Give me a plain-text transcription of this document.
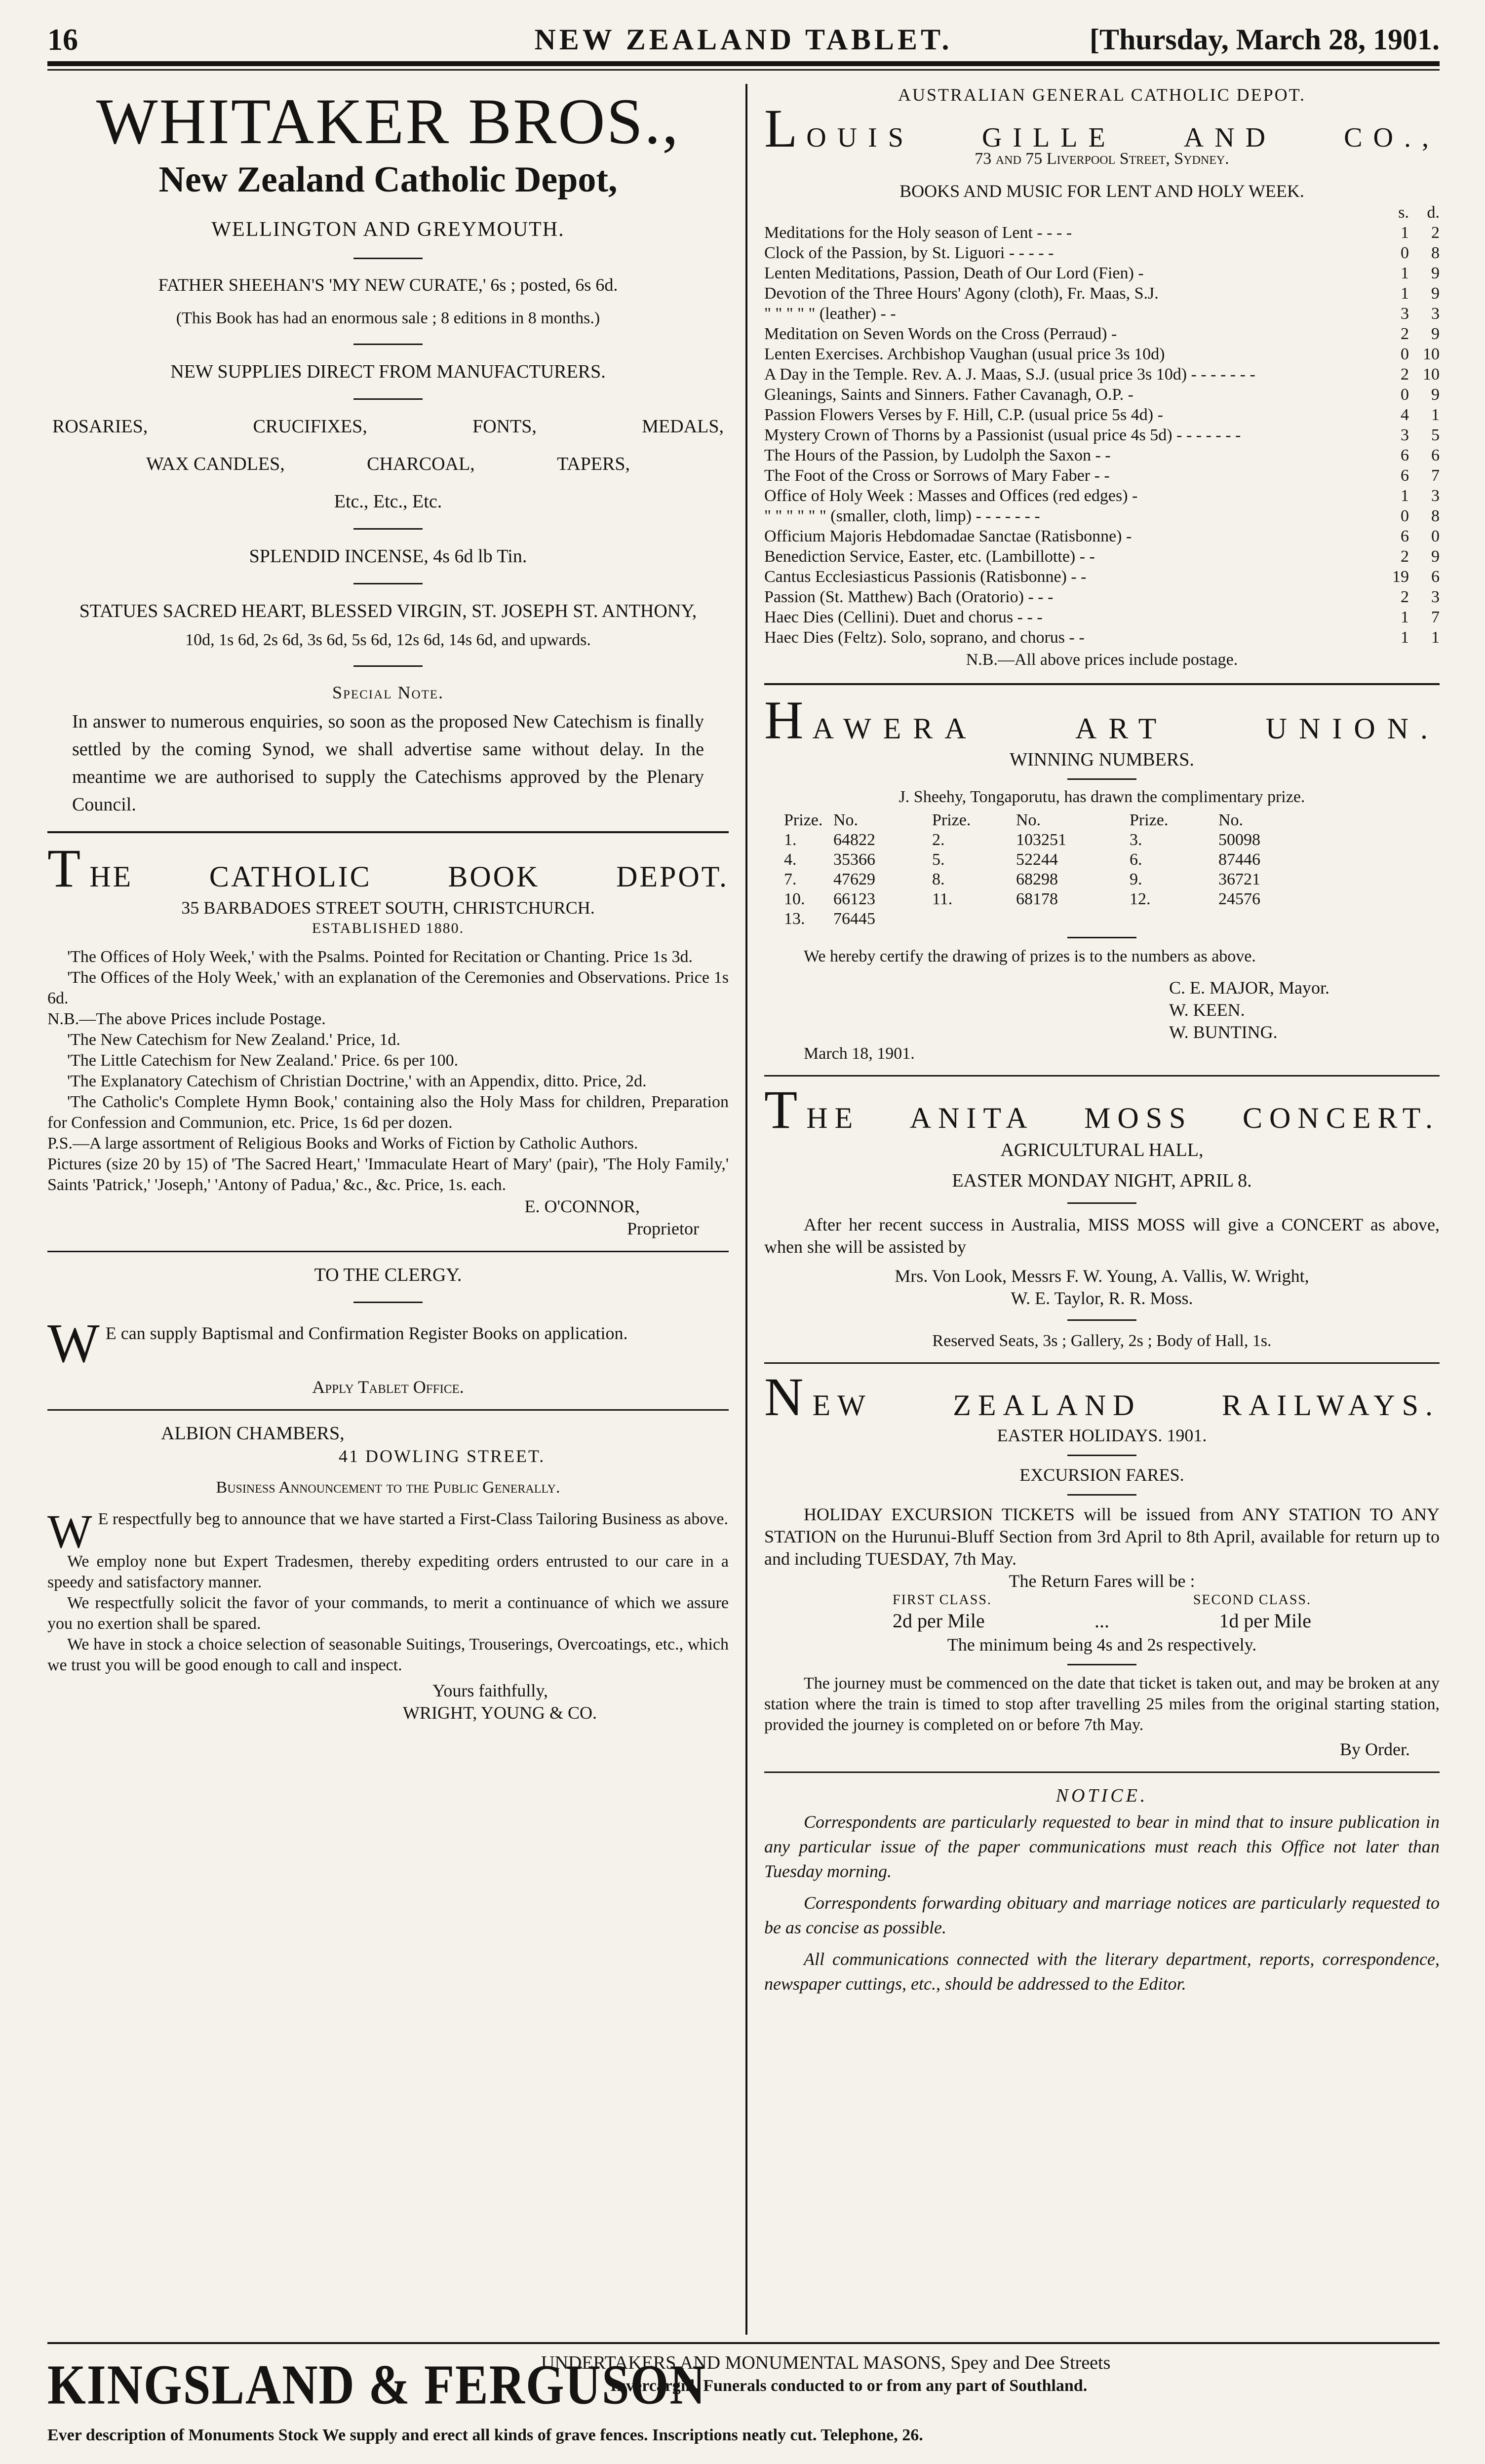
16	NEW ZEALAND TABLET.	[Thursday, March 28, 1901.
WHITAKER BROS.,
New Zealand Catholic Depot,
WELLINGTON AND GREYMOUTH.
FATHER SHEEHAN'S 'MY NEW CURATE,' 6s ; posted, 6s 6d.
(This Book has had an enormous sale ; 8 editions in 8 months.)
NEW SUPPLIES DIRECT FROM MANUFACTURERS.
ROSARIES,	CRUCIFIXES,	FONTS,	MEDALS,
WAX CANDLES,	CHARCOAL,	TAPERS,
Etc., Etc., Etc.
SPLENDID INCENSE, 4s 6d lb Tin.
STATUES SACRED HEART, BLESSED VIRGIN, ST. JOSEPH ST. ANTHONY,
10d, 1s 6d, 2s 6d, 3s 6d, 5s 6d, 12s 6d, 14s 6d, and upwards.
Special Note.
In answer to numerous enquiries, so soon as the proposed New Catechism is finally settled by the coming Synod, we shall advertise same without delay. In the meantime we are authorised to supply the Catechisms approved by the Plenary Council.
T HE	CATHOLIC	BOOK	DEPOT.
35 BARBADOES STREET SOUTH, CHRISTCHURCH.
ESTABLISHED 1880.

'The Offices of Holy Week,' with the Psalms. Pointed for Recitation or Chanting. Price 1s 3d.

'The Offices of the Holy Week,' with an explanation of the Ceremonies and Observations. Price 1s 6d.

N.B.—The above Prices include Postage.

'The New Catechism for New Zealand.' Price, 1d.

'The Little Catechism for New Zealand.' Price. 6s per 100.

'The Explanatory Catechism of Christian Doctrine,' with an Appendix, ditto. Price, 2d.

'The Catholic's Complete Hymn Book,' containing also the Holy Mass for children, Preparation for Confession and Communion, etc. Price, 1s 6d per dozen.

P.S.—A large assortment of Religious Books and Works of Fiction by Catholic Authors.

Pictures (size 20 by 15) of 'The Sacred Heart,' 'Immaculate Heart of Mary' (pair), 'The Holy Family,' Saints 'Patrick,' 'Joseph,' 'Antony of Padua,' &c., &c. Price, 1s. each.

E. O'CONNOR,
Proprietor
TO THE CLERGY.
W E can supply Baptismal and Confirmation Register Books on application.
Apply Tablet Office.
ALBION CHAMBERS,
41 DOWLING STREET.
Business Announcement to the Public Generally.
W E respectfully beg to announce that we have started a First-Class Tailoring Business as above.

We employ none but Expert Tradesmen, thereby expediting orders entrusted to our care in a speedy and satisfactory manner.

We respectfully solicit the favor of your commands, to merit a continuance of which we assure you no exertion shall be spared.

We have in stock a choice selection of seasonable Suitings, Trouserings, Overcoatings, etc., which we trust you will be good enough to call and inspect.

Yours faithfully,
WRIGHT, YOUNG & CO.
AUSTRALIAN GENERAL CATHOLIC DEPOT.
L OUIS GILLE AND CO.,
73 and 75 Liverpool Street, Sydney.
BOOKS AND MUSIC FOR LENT AND HOLY WEEK.
s.	d.
Meditations for the Holy season of Lent - - - -	1	2
Clock of the Passion, by St. Liguori - - - - -	0	8
Lenten Meditations, Passion, Death of Our Lord (Fien) -	1	9
Devotion of the Three Hours' Agony (cloth), Fr. Maas, S.J.	1	9
" " " " " (leather) - -	3	3
Meditation on Seven Words on the Cross (Perraud) -	2	9
Lenten Exercises. Archbishop Vaughan (usual price 3s 10d)	0 10
A Day in the Temple. Rev. A. J. Maas, S.J. (usual price 3s 10d) - - - - - - -	2 10
Gleanings, Saints and Sinners. Father Cavanagh, O.P. -	0	9
Passion Flowers Verses by F. Hill, C.P. (usual price 5s 4d) -	4	1
Mystery Crown of Thorns by a Passionist (usual price 4s 5d) - - - - - - -	3	5
The Hours of the Passion, by Ludolph the Saxon - -	6	6
The Foot of the Cross or Sorrows of Mary Faber - -	6	7
Office of Holy Week : Masses and Offices (red edges) -	1	3
" " " " " " (smaller, cloth, limp) - - - - - - -	0	8
Officium Majoris Hebdomadae Sanctae (Ratisbonne) -	6	0
Benediction Service, Easter, etc. (Lambillotte) - -	2	9
Cantus Ecclesiasticus Passionis (Ratisbonne) - -	19	6
Passion (St. Matthew) Bach (Oratorio) - - -	2	3
Haec Dies (Cellini). Duet and chorus - - -	1	7
Haec Dies (Feltz). Solo, soprano, and chorus - -	1	1
N.B.—All above prices include postage.
H AWERA	ART	UNION.
WINNING NUMBERS.
J. Sheehy, Tongaporutu, has drawn the complimentary prize.
Prize. No.	Prize.	No.	Prize.	No.
1.	64822	2.	103251	3.	50098
4.	35366	5.	52244	6.	87446
7.	47629	8.	68298	9.	36721
10.	66123	11.	68178	12.	24576
13.	76445
We hereby certify the drawing of prizes is to the numbers as above.
C. E. MAJOR, Mayor.
W. KEEN.
W. BUNTING.
March 18, 1901.
T HE ANITA MOSS CONCERT.
AGRICULTURAL HALL,
EASTER MONDAY NIGHT, APRIL 8.
After her recent success in Australia, MISS MOSS will give a CONCERT as above, when she will be assisted by
Mrs. Von Look, Messrs F. W. Young, A. Vallis, W. Wright,
W. E. Taylor, R. R. Moss.
Reserved Seats, 3s ; Gallery, 2s ; Body of Hall, 1s.
N EW	ZEALAND	RAILWAYS.
EASTER HOLIDAYS. 1901.
EXCURSION FARES.
HOLIDAY EXCURSION TICKETS will be issued from ANY STATION TO ANY STATION on the Hurunui-Bluff Section from 3rd April to 8th April, available for return up to and including TUESDAY, 7th May.
The Return Fares will be :
FIRST CLASS.	SECOND CLASS.
2d per Mile	...	1d per Mile
The minimum being 4s and 2s respectively.
The journey must be commenced on the date that ticket is taken out, and may be broken at any station where the train is timed to stop after travelling 25 miles from the original starting station, provided the journey is completed on or before 7th May.
By Order.
NOTICE.

Correspondents are particularly requested to bear in mind that to insure publication in any particular issue of the paper communications must reach this Office not later than Tuesday morning.

Correspondents forwarding obituary and marriage notices are particularly requested to be as concise as possible.

All communications connected with the literary department, reports, correspondence, newspaper cuttings, etc., should be addressed to the Editor.

KINGSLAND & FERGUSON
UNDERTAKERS AND MONUMENTAL MASONS, Spey and Dee Streets
Invercargill. Funerals conducted to or from any part of Southland.
Ever description of Monuments Stock We supply and erect all kinds of grave fences. Inscriptions neatly cut. Telephone, 26.
